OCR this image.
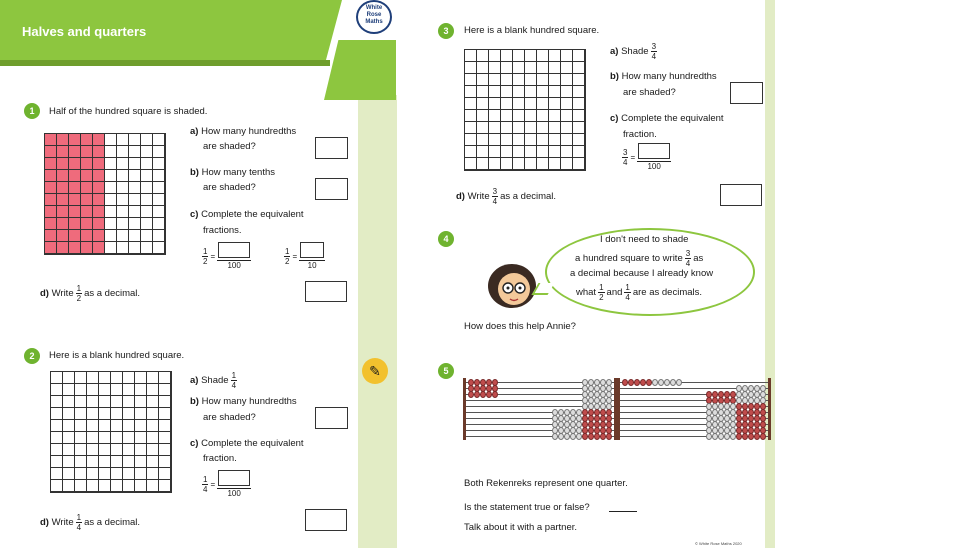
Halves and quarters
White Rose Maths
1	Half of the hundred square is shaded.
a) How many hundredths
are shaded?
b) How many tenths
are shaded?
c) Complete the equivalent
fractions.
$\frac{1}{2}$ =
100	$\frac{1}{2}$ =
10
d)
Write $\frac{1}{2}$ as a decimal.
2	Here is a blank hundred square.
a)
Shade $\frac{1}{4}$
b) How many hundredths
are shaded?
c) Complete the equivalent
fraction.
$\frac{1}{4}$ =
100
d)
Write $\frac{1}{4}$ as a decimal.
✎
3	Here is a blank hundred square.
a)
Shade $\frac{3}{4}$
b) How many hundredths
are shaded?
c) Complete the equivalent
fraction.
$\frac{3}{4}$ =
100
d)
Write $\frac{3}{4}$ as a decimal.
4	I don't need to shade
a hundred square to write $\frac{3}{4}$ as
a decimal because I already know
what $\frac{1}{2}$ and $\frac{1}{4}$ are as decimals.
How does this help Annie?
5
Both Rekenreks represent one quarter.
Is the statement true or false?
Talk about it with a partner.
© White Rose Maths 2020
